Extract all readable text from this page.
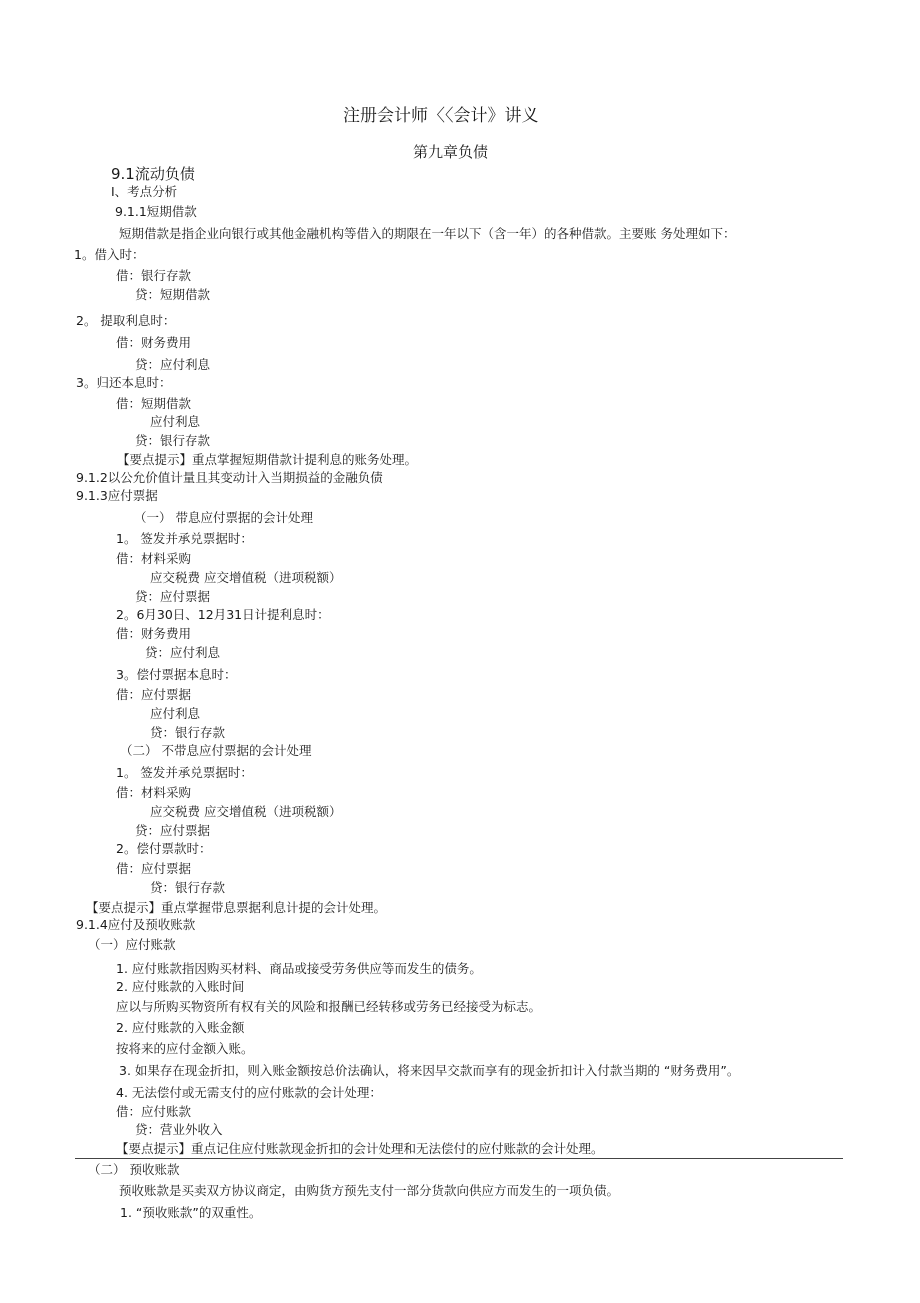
注册会计师〈〈会计》讲义
第九章负债
9.1流动负债
I、考点分析
9.1.1短期借款
短期借款是指企业向银行或其他金融机构等借入的期限在一年以下（含一年）的各种借款。主要账 务处理如下：
1。借入时：
借：银行存款
贷：短期借款
2。 提取利息时：
借：财务费用
贷：应付利息
3。归还本息时：
借：短期借款
应付利息
贷：银行存款
【要点提示】重点掌握短期借款计提利息的账务处理。
9.1.2以公允价值计量且其变动计入当期损益的金融负债
9.1.3应付票据
（一） 带息应付票据的会计处理
1。 签发并承兑票据时：
借：材料采购
应交税费 应交增值税（进项税额）
贷：应付票据
2。6月30日、12月31日计提利息时：
借：财务费用
贷：应付利息
3。偿付票据本息时：
借：应付票据
应付利息
贷：银行存款
（二） 不带息应付票据的会计处理
1。 签发并承兑票据时：
借：材料采购
应交税费 应交增值税（进项税额）
贷：应付票据
2。偿付票款时：
借：应付票据
贷：银行存款
【要点提示】重点掌握带息票据利息计提的会计处理。
9.1.4应付及预收账款
（一）应付账款
1. 应付账款指因购买材料、商品或接受劳务供应等而发生的债务。
2. 应付账款的入账时间
应以与所购买物资所有权有关的风险和报酬已经转移或劳务已经接受为标志。
2. 应付账款的入账金额
按将来的应付金额入账。
3. 如果存在现金折扣，则入账金额按总价法确认，将来因早交款而享有的现金折扣计入付款当期的 “财务费用”。
4. 无法偿付或无需支付的应付账款的会计处理：
借：应付账款
贷：营业外收入
【要点提示】重点记住应付账款现金折扣的会计处理和无法偿付的应付账款的会计处理。
（二） 预收账款
预收账款是买卖双方协议商定，由购货方预先支付一部分货款向供应方而发生的一项负债。
1. “预收账款”的双重性。
